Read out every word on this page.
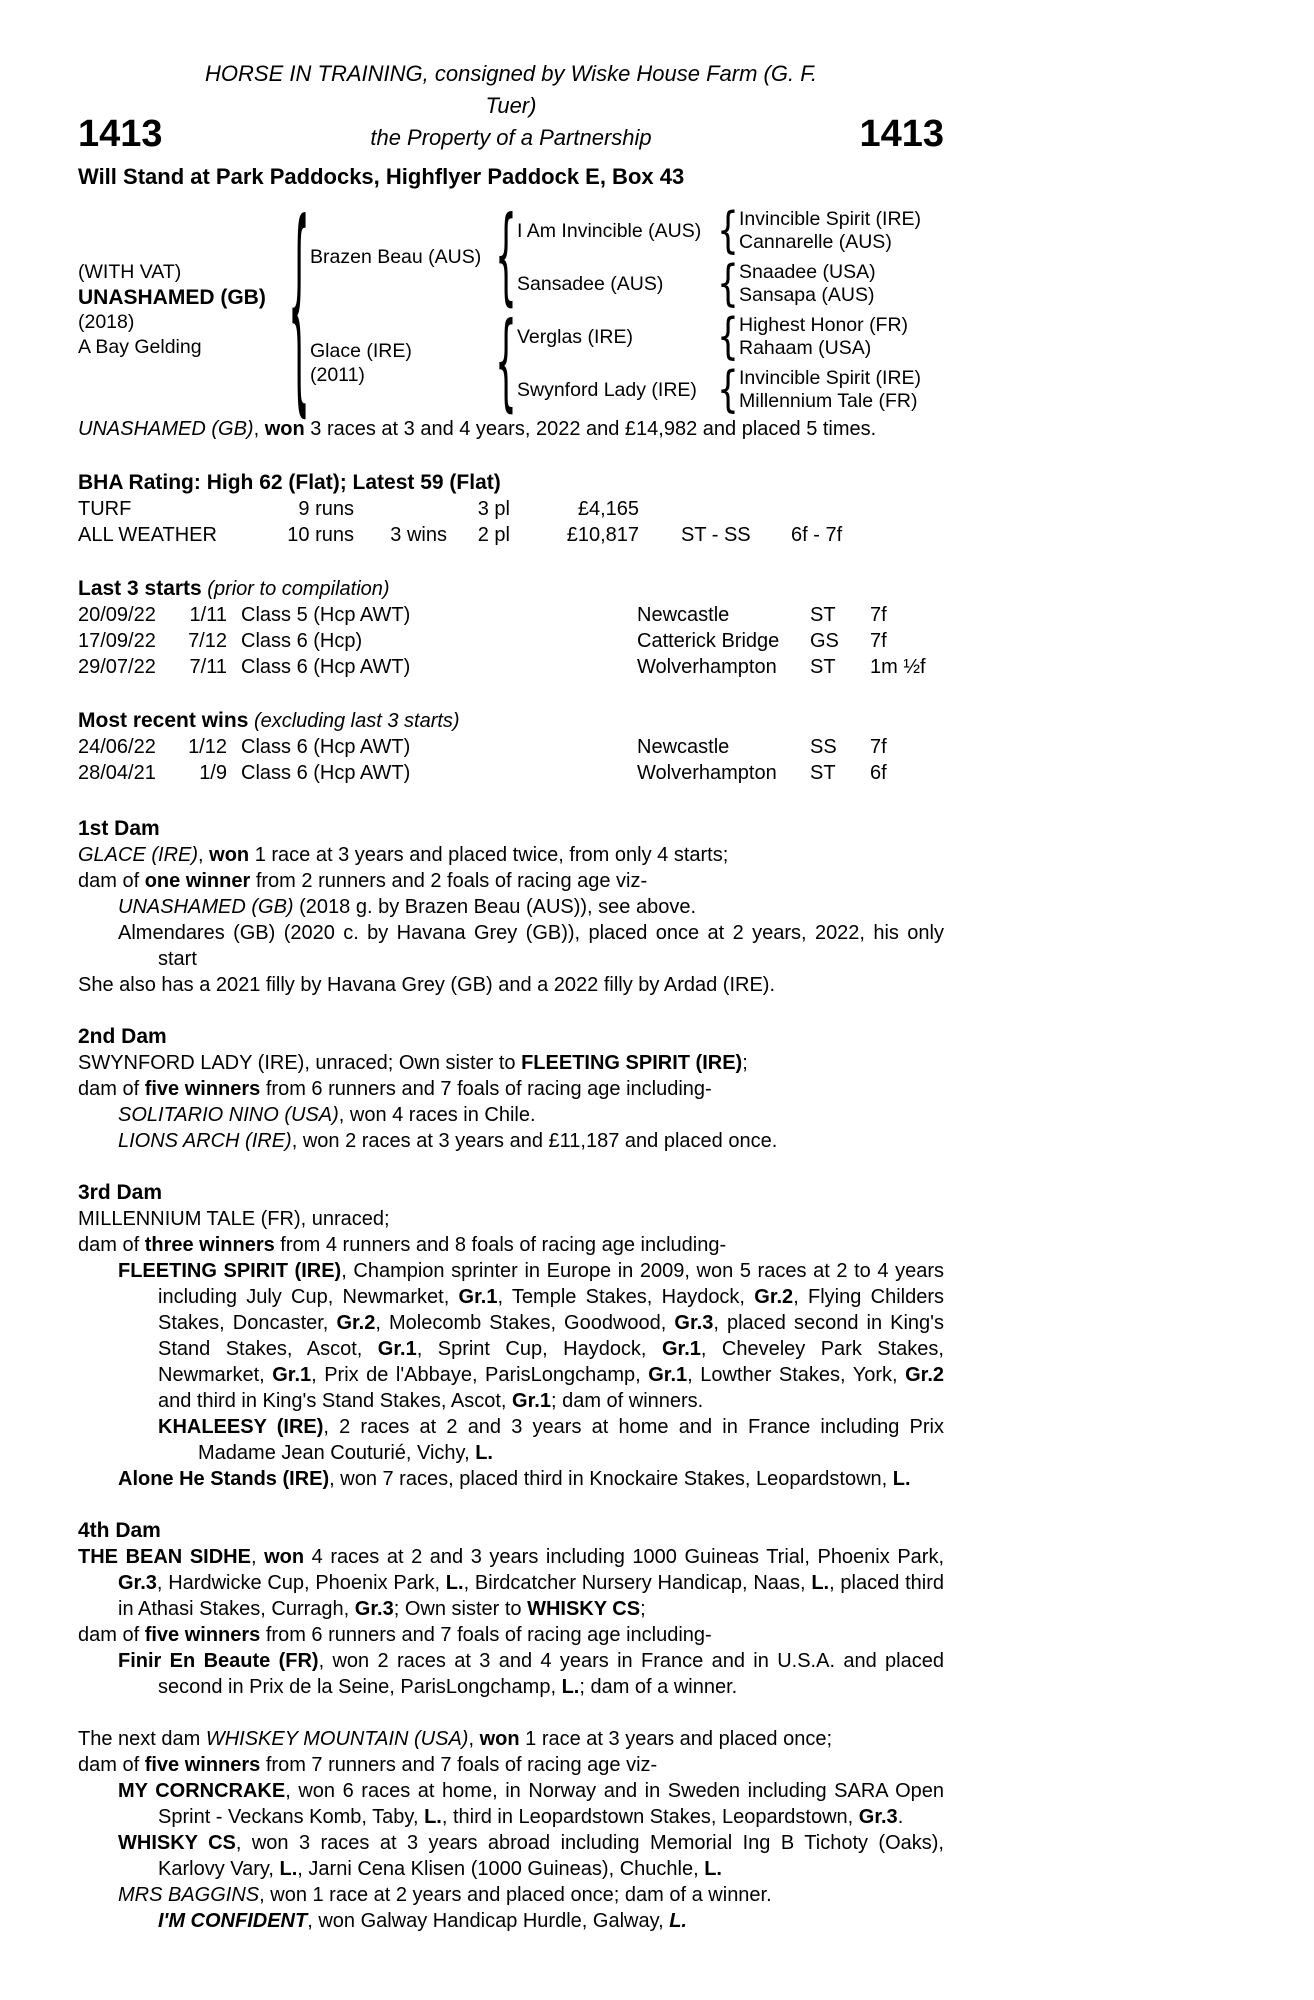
1413
HORSE IN TRAINING, consigned by Wiske House Farm (G. F. Tuer)
the Property of a Partnership	1413
Will Stand at Park Paddocks, Highflyer Paddock E, Box 43
(WITH VAT)
UNASHAMED (GB)
(2018)
A Bay Gelding
{
Brazen Beau (AUS)
{
I Am Invincible (AUS)
{
Invincible Spirit (IRE)
Cannarelle (AUS)
Sansadee (AUS)
{
Snaadee (USA)
Sansapa (AUS)
Glace (IRE)
(2011)
{
Verglas (IRE)
{
Highest Honor (FR)
Rahaam (USA)
Swynford Lady (IRE)
{
Invincible Spirit (IRE)
Millennium Tale (FR)

UNASHAMED (GB), won 3 races at 3 and 4 years, 2022 and £14,982 and placed 5 times.

BHA Rating: High 62 (Flat); Latest 59 (Flat)
TURF	9 runs	3 pl	£4,165
ALL WEATHER	10 runs	3 wins	2 pl	£10,817	ST - SS	6f - 7f
Last 3 starts (prior to compilation)
20/09/22	1/11 Class 5 (Hcp AWT)	Newcastle	ST	7f
17/09/22	7/12 Class 6 (Hcp)	Catterick Bridge	GS	7f
29/07/22	7/11 Class 6 (Hcp AWT)	Wolverhampton	ST	1m ½f
Most recent wins (excluding last 3 starts)
24/06/22	1/12 Class 6 (Hcp AWT)	Newcastle	SS	7f
28/04/21	1/9 Class 6 (Hcp AWT)	Wolverhampton	ST	6f
1st Dam

GLACE (IRE), won 1 race at 3 years and placed twice, from only 4 starts;

dam of one winner from 2 runners and 2 foals of racing age viz-

UNASHAMED (GB) (2018 g. by Brazen Beau (AUS)), see above.

Almendares (GB) (2020 c. by Havana Grey (GB)), placed once at 2 years, 2022, his only start

She also has a 2021 filly by Havana Grey (GB) and a 2022 filly by Ardad (IRE).

2nd Dam

SWYNFORD LADY (IRE), unraced; Own sister to FLEETING SPIRIT (IRE);

dam of five winners from 6 runners and 7 foals of racing age including-

SOLITARIO NINO (USA), won 4 races in Chile.

LIONS ARCH (IRE), won 2 races at 3 years and £11,187 and placed once.

3rd Dam

MILLENNIUM TALE (FR), unraced;

dam of three winners from 4 runners and 8 foals of racing age including-

FLEETING SPIRIT (IRE), Champion sprinter in Europe in 2009, won 5 races at 2 to 4 years including July Cup, Newmarket, Gr.1, Temple Stakes, Haydock, Gr.2, Flying Childers Stakes, Doncaster, Gr.2, Molecomb Stakes, Goodwood, Gr.3, placed second in King's Stand Stakes, Ascot, Gr.1, Sprint Cup, Haydock, Gr.1, Cheveley Park Stakes, Newmarket, Gr.1, Prix de l'Abbaye, ParisLongchamp, Gr.1, Lowther Stakes, York, Gr.2 and third in King's Stand Stakes, Ascot, Gr.1; dam of winners.

KHALEESY (IRE), 2 races at 2 and 3 years at home and in France including Prix Madame Jean Couturié, Vichy, L.

Alone He Stands (IRE), won 7 races, placed third in Knockaire Stakes, Leopardstown, L.

4th Dam

THE BEAN SIDHE, won 4 races at 2 and 3 years including 1000 Guineas Trial, Phoenix Park, Gr.3, Hardwicke Cup, Phoenix Park, L., Birdcatcher Nursery Handicap, Naas, L., placed third in Athasi Stakes, Curragh, Gr.3; Own sister to WHISKY CS;

dam of five winners from 6 runners and 7 foals of racing age including-

Finir En Beaute (FR), won 2 races at 3 and 4 years in France and in U.S.A. and placed second in Prix de la Seine, ParisLongchamp, L.; dam of a winner.

The next dam WHISKEY MOUNTAIN (USA), won 1 race at 3 years and placed once;

dam of five winners from 7 runners and 7 foals of racing age viz-

MY CORNCRAKE, won 6 races at home, in Norway and in Sweden including SARA Open Sprint - Veckans Komb, Taby, L., third in Leopardstown Stakes, Leopardstown, Gr.3.

WHISKY CS, won 3 races at 3 years abroad including Memorial Ing B Tichoty (Oaks), Karlovy Vary, L., Jarni Cena Klisen (1000 Guineas), Chuchle, L.

MRS BAGGINS, won 1 race at 2 years and placed once; dam of a winner.

I'M CONFIDENT, won Galway Handicap Hurdle, Galway, L.
